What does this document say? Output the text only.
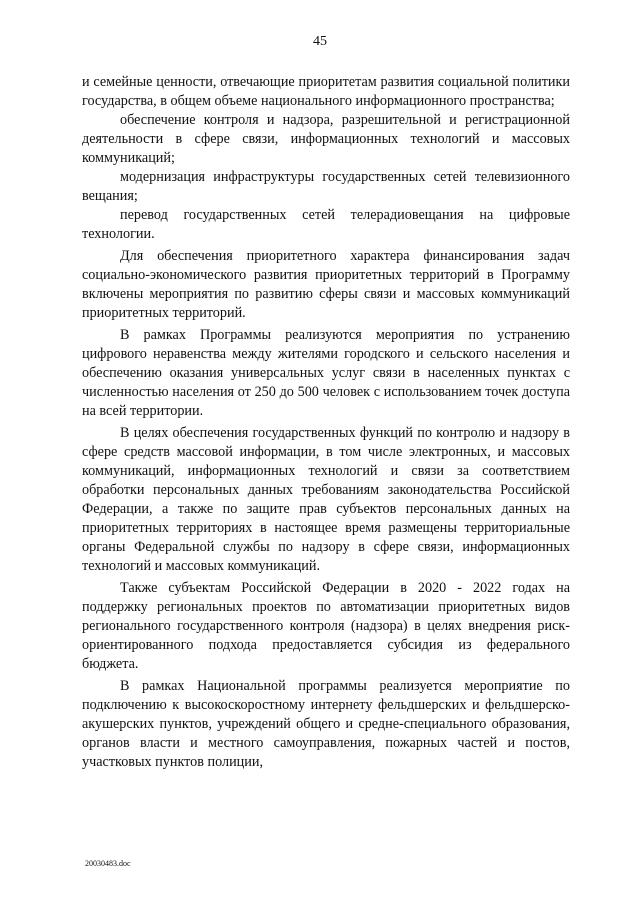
45

и семейные ценности, отвечающие приоритетам развития социальной политики государства, в общем объеме национального информационного пространства;

обеспечение контроля и надзора, разрешительной и регистрационной деятельности в сфере связи, информационных технологий и массовых коммуникаций;

модернизация инфраструктуры государственных сетей телевизионного вещания;

перевод государственных сетей телерадиовещания на цифровые технологии.

Для обеспечения приоритетного характера финансирования задач социально-экономического развития приоритетных территорий в Программу включены мероприятия по развитию сферы связи и массовых коммуникаций приоритетных территорий.

В рамках Программы реализуются мероприятия по устранению цифрового неравенства между жителями городского и сельского населения и обеспечению оказания универсальных услуг связи в населенных пунктах с численностью населения от 250 до 500 человек с использованием точек доступа на всей территории.

В целях обеспечения государственных функций по контролю и надзору в сфере средств массовой информации, в том числе электронных, и массовых коммуникаций, информационных технологий и связи за соответствием обработки персональных данных требованиям законодательства Российской Федерации, а также по защите прав субъектов персональных данных на приоритетных территориях в настоящее время размещены территориальные органы Федеральной службы по надзору в сфере связи, информационных технологий и массовых коммуникаций.

Также субъектам Российской Федерации в 2020 - 2022 годах на поддержку региональных проектов по автоматизации приоритетных видов регионального государственного контроля (надзора) в целях внедрения риск-ориентированного подхода предоставляется субсидия из федерального бюджета.

В рамках Национальной программы реализуется мероприятие по подключению к высокоскоростному интернету фельдшерских и фельдшерско-акушерских пунктов, учреждений общего и средне-специального образования, органов власти и местного самоуправления, пожарных частей и постов, участковых пунктов полиции,

20030483.doc
